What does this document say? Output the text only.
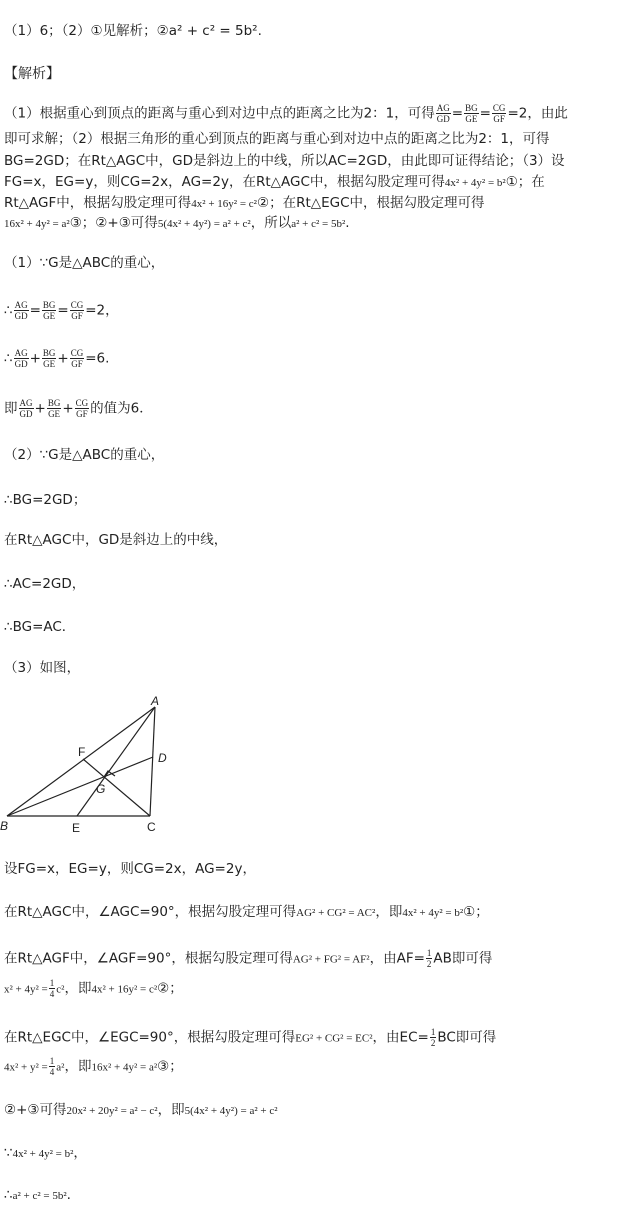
（1）6；（2）①见解析；②a² + c² = 5b².
【解析】
（1）根据重心到顶点的距离与重心到对边中点的距离之比为2：1，可得 $\frac{AG}{GD} = \frac{BG}{GE} = \frac{CG}{GF} =2$，由此
即可求解；（2）根据三角形的重心到顶点的距离与重心到对边中点的距离之比为2：1，可得
BG=2GD；在Rt△AGC中，GD是斜边上的中线，所以AC=2GD，由此即可证得结论；（3）设
FG=x，EG=y，则CG=2x，AG=2y，在Rt△AGC中，根据勾股定理可得4x² + 4y² = b²①；在
Rt△AGF中，根据勾股定理可得4x² + 16y² = c²②；在Rt△EGC中，根据勾股定理可得
16x² + 4y² = a²③；②+③可得5(4x² + 4y²) = a² + c²，所以a² + c² = 5b².
（1）∵G是△ABC的重心，
∴ $\frac{AG}{GD} = \frac{BG}{GE} = \frac{CG}{GF} =2$，
∴ $\frac{AG}{GD} + \frac{BG}{GE} + \frac{CG}{GF} =6$.
即 $\frac{AG}{GD} + \frac{BG}{GE} + \frac{CG}{GF}$ 的值为6．
（2）∵G是△ABC的重心，
∴BG=2GD；
在Rt△AGC中，GD是斜边上的中线，
∴AC=2GD，
∴BG=AC．
（3）如图，
A
B	C
D
E
F
G
设FG=x，EG=y，则CG=2x，AG=2y，
在Rt△AGC中，∠AGC=90°，根据勾股定理可得AG² + CG² = AC²，即4x² + 4y² = b²①；
在Rt△AGF中，∠AGF=90°，根据勾股定理可得AG² + FG² = AF²，由$AF= \frac{1}{2}$ AB即可得
$x^2 + 4y^2 = \frac{1}{4} c^2$，即4x² + 16y² = c²②；
在Rt△EGC中，∠EGC=90°，根据勾股定理可得EG² + CG² = EC²，由$EC= \frac{1}{2}$ BC即可得
$4x^2 + y^2 = \frac{1}{4} a^2$，即16x² + 4y² = a²③；
②+③可得20x² + 20y² = a² − c²，即5(4x² + 4y²) = a² + c²
∵4x² + 4y² = b²，
∴a² + c² = 5b².
